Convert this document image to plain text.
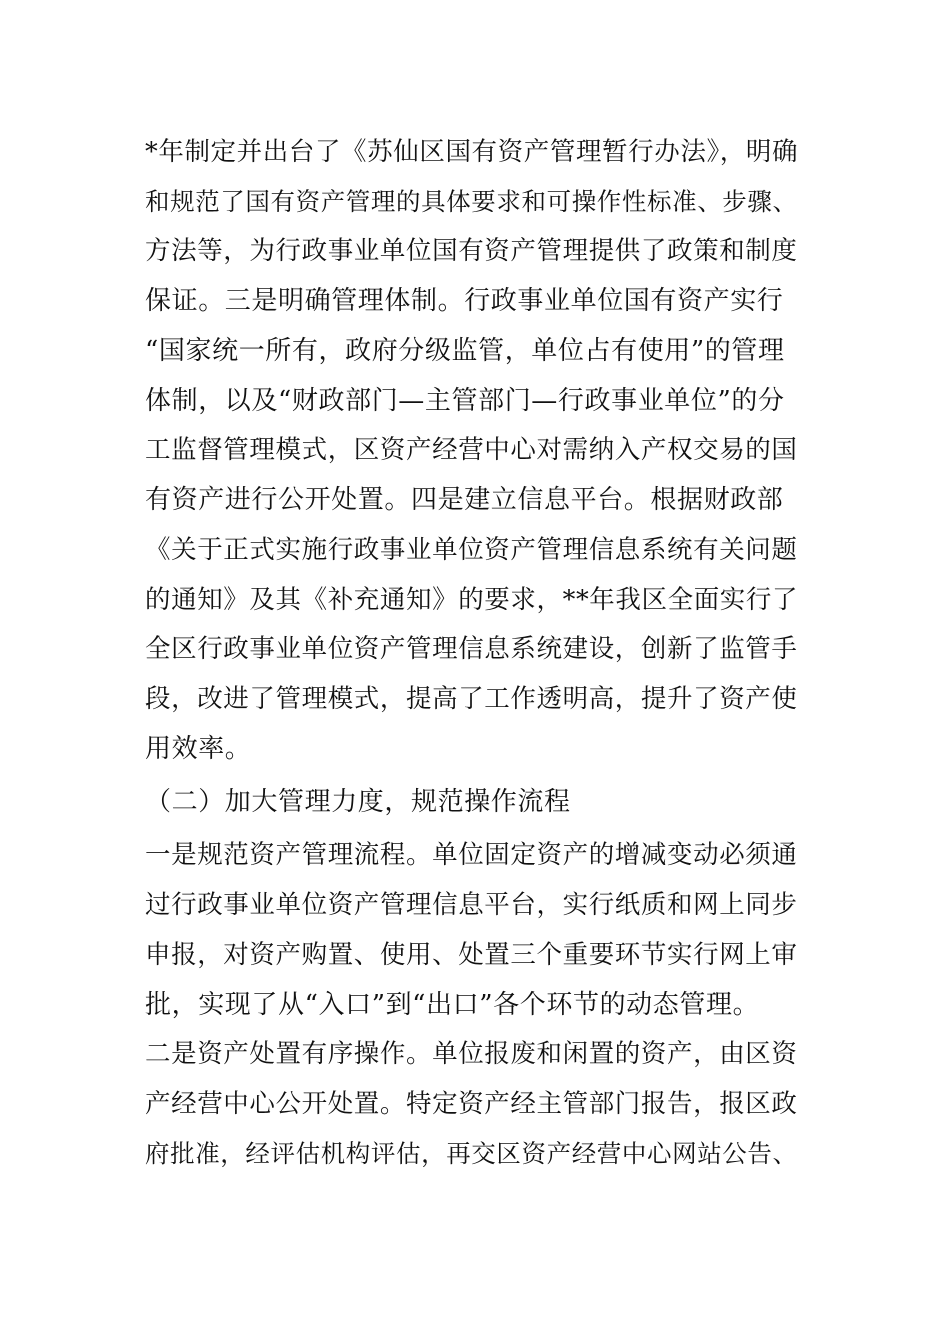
*年制定并出台了《苏仙区国有资产管理暂行办法》，明确
和规范了国有资产管理的具体要求和可操作性标准、步骤、
方法等，为行政事业单位国有资产管理提供了政策和制度
保证。三是明确管理体制。行政事业单位国有资产实行
“国家统一所有，政府分级监管，单位占有使用”的管理
体制，以及“财政部门—主管部门—行政事业单位”的分
工监督管理模式，区资产经营中心对需纳入产权交易的国
有资产进行公开处置。四是建立信息平台。根据财政部
《关于正式实施行政事业单位资产管理信息系统有关问题
的通知》及其《补充通知》的要求，**年我区全面实行了
全区行政事业单位资产管理信息系统建设，创新了监管手
段，改进了管理模式，提高了工作透明高，提升了资产使
用效率。
（二）加大管理力度，规范操作流程
一是规范资产管理流程。单位固定资产的增减变动必须通
过行政事业单位资产管理信息平台，实行纸质和网上同步
申报，对资产购置、使用、处置三个重要环节实行网上审
批，实现了从“入口”到“出口”各个环节的动态管理。
二是资产处置有序操作。单位报废和闲置的资产，由区资
产经营中心公开处置。特定资产经主管部门报告，报区政
府批准，经评估机构评估，再交区资产经营中心网站公告、
